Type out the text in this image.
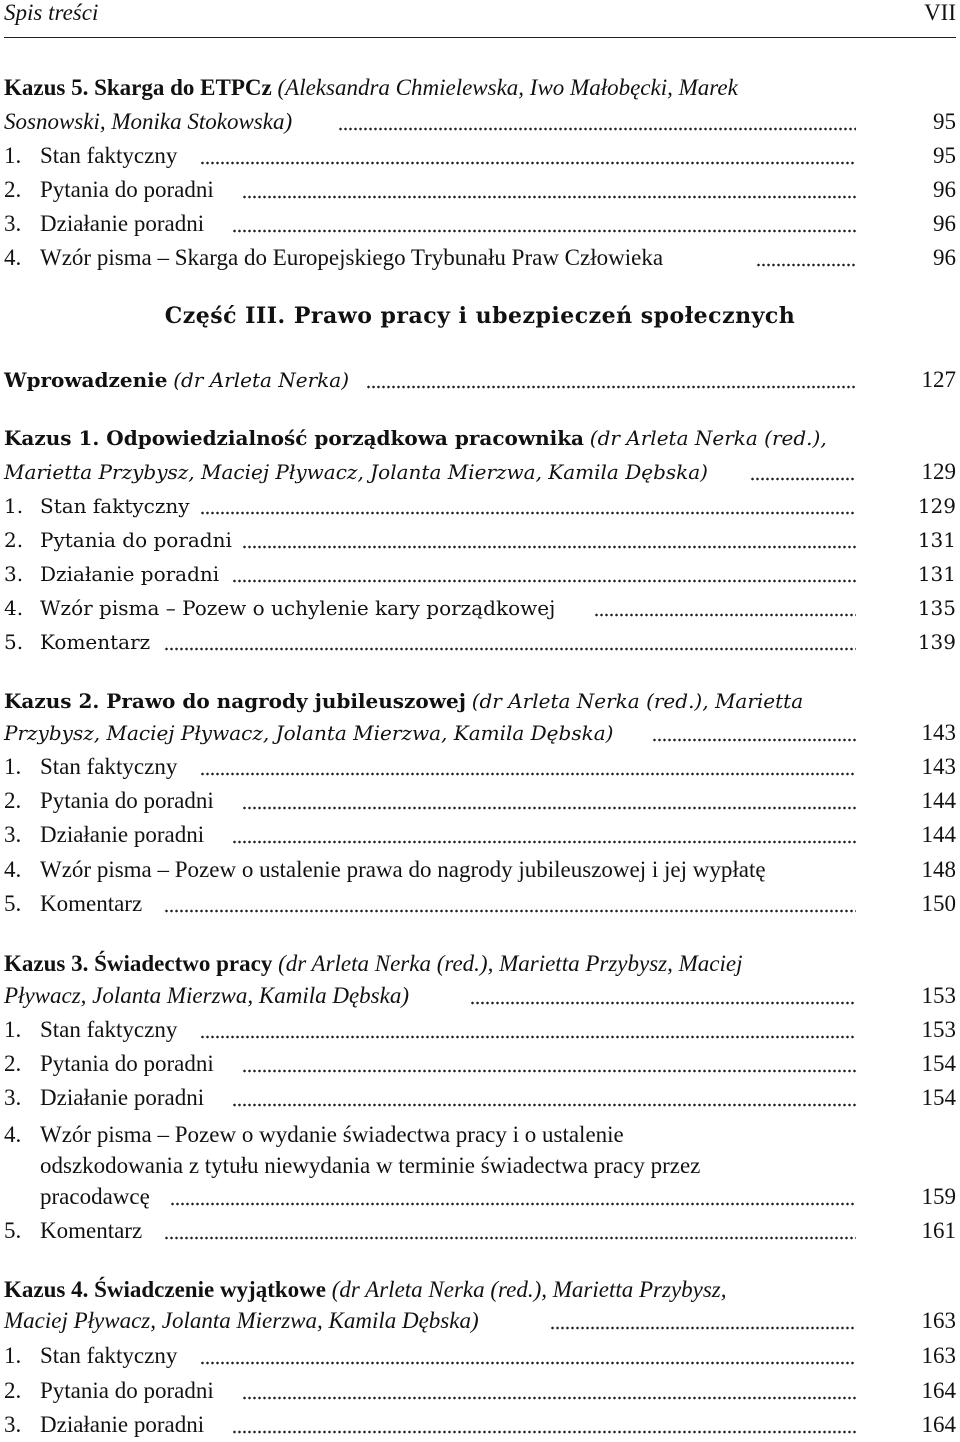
Spis treści	VII
Kazus 5. Skarga do ETPCz (Aleksandra Chmielewska, Iwo Małobęcki, Marek
Sosnowski, Monika Stokowska)	95
1. Stan faktyczny	95
2. Pytania do poradni	96
3. Działanie poradni	96
4. Wzór pisma – Skarga do Europejskiego Trybunału Praw Człowieka	96
Część III. Prawo pracy i ubezpieczeń społecznych
Wprowadzenie (dr Arleta Nerka)	127
Kazus 1. Odpowiedzialność porządkowa pracownika (dr Arleta Nerka (red.),
Marietta Przybysz, Maciej Pływacz, Jolanta Mierzwa, Kamila Dębska)	129
1. Stan faktyczny	129
2. Pytania do poradni	131
3. Działanie poradni	131
4. Wzór pisma – Pozew o uchylenie kary porządkowej	135
5. Komentarz	139
Kazus 2. Prawo do nagrody jubileuszowej (dr Arleta Nerka (red.), Marietta
Przybysz, Maciej Pływacz, Jolanta Mierzwa, Kamila Dębska)	143
1. Stan faktyczny	143
2. Pytania do poradni	144
3. Działanie poradni	144
4. Wzór pisma – Pozew o ustalenie prawa do nagrody jubileuszowej i jej wypłatę	148
5. Komentarz	150
Kazus 3. Świadectwo pracy (dr Arleta Nerka (red.), Marietta Przybysz, Maciej
Pływacz, Jolanta Mierzwa, Kamila Dębska)	153
1. Stan faktyczny	153
2. Pytania do poradni	154
3. Działanie poradni	154
4. Wzór pisma – Pozew o wydanie świadectwa pracy i o ustalenie
odszkodowania z tytułu niewydania w terminie świadectwa pracy przez
pracodawcę	159
5. Komentarz	161
Kazus 4. Świadczenie wyjątkowe (dr Arleta Nerka (red.), Marietta Przybysz,
Maciej Pływacz, Jolanta Mierzwa, Kamila Dębska)	163
1. Stan faktyczny	163
2. Pytania do poradni	164
3. Działanie poradni	164
